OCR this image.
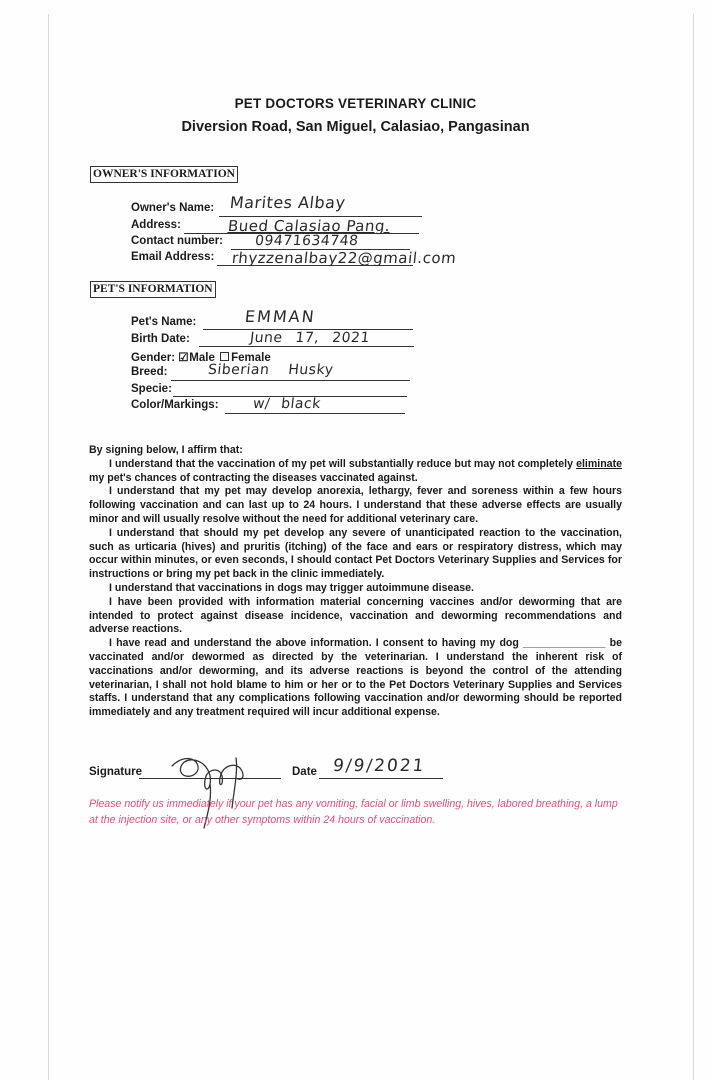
PET DOCTORS VETERINARY CLINIC
Diversion Road, San Miguel, Calasiao, Pangasinan
OWNER'S INFORMATION
Owner's Name: Marites Albay
Address:	Bued Calasiao Pang.
Contact number: 09471634748
Email Address: rhyzzenalbay22@gmail.com
PET'S INFORMATION
Pet's Name:	EMMAN
Birth Date:	June 17, 2021
Gender: ☑Male Female
Breed:	Siberian Husky
Specie:
Color/Markings: w/ black

By signing below, I affirm that:

I understand that the vaccination of my pet will substantially reduce but may not completely eliminate my pet's chances of contracting the diseases vaccinated against.

I understand that my pet may develop anorexia, lethargy, fever and soreness within a few hours following vaccination and can last up to 24 hours. I understand that these adverse effects are usually minor and will usually resolve without the need for additional veterinary care.

I understand that should my pet develop any severe of unanticipated reaction to the vaccination, such as urticaria (hives) and pruritis (itching) of the face and ears or respiratory distress, which may occur within minutes, or even seconds, I should contact Pet Doctors Veterinary Supplies and Services for instructions or bring my pet back in the clinic immediately.

I understand that vaccinations in dogs may trigger autoimmune disease.

I have been provided with information material concerning vaccines and/or deworming that are intended to protect against disease incidence, vaccination and deworming recommendations and adverse reactions.

I have read and understand the above information. I consent to having my dog ______________ be vaccinated and/or dewormed as directed by the veterinarian. I understand the inherent risk of vaccinations and/or deworming, and its adverse reactions is beyond the control of the attending veterinarian, I shall not hold blame to him or her or to the Pet Doctors Veterinary Supplies and Services staffs. I understand that any complications following vaccination and/or deworming should be reported immediately and any treatment required will incur additional expense.

Signature	Date 9/9/2021
Please notify us immediately if your pet has any vomiting, facial or limb swelling, hives, labored breathing, a lump at the injection site, or any other symptoms within 24 hours of vaccination.
